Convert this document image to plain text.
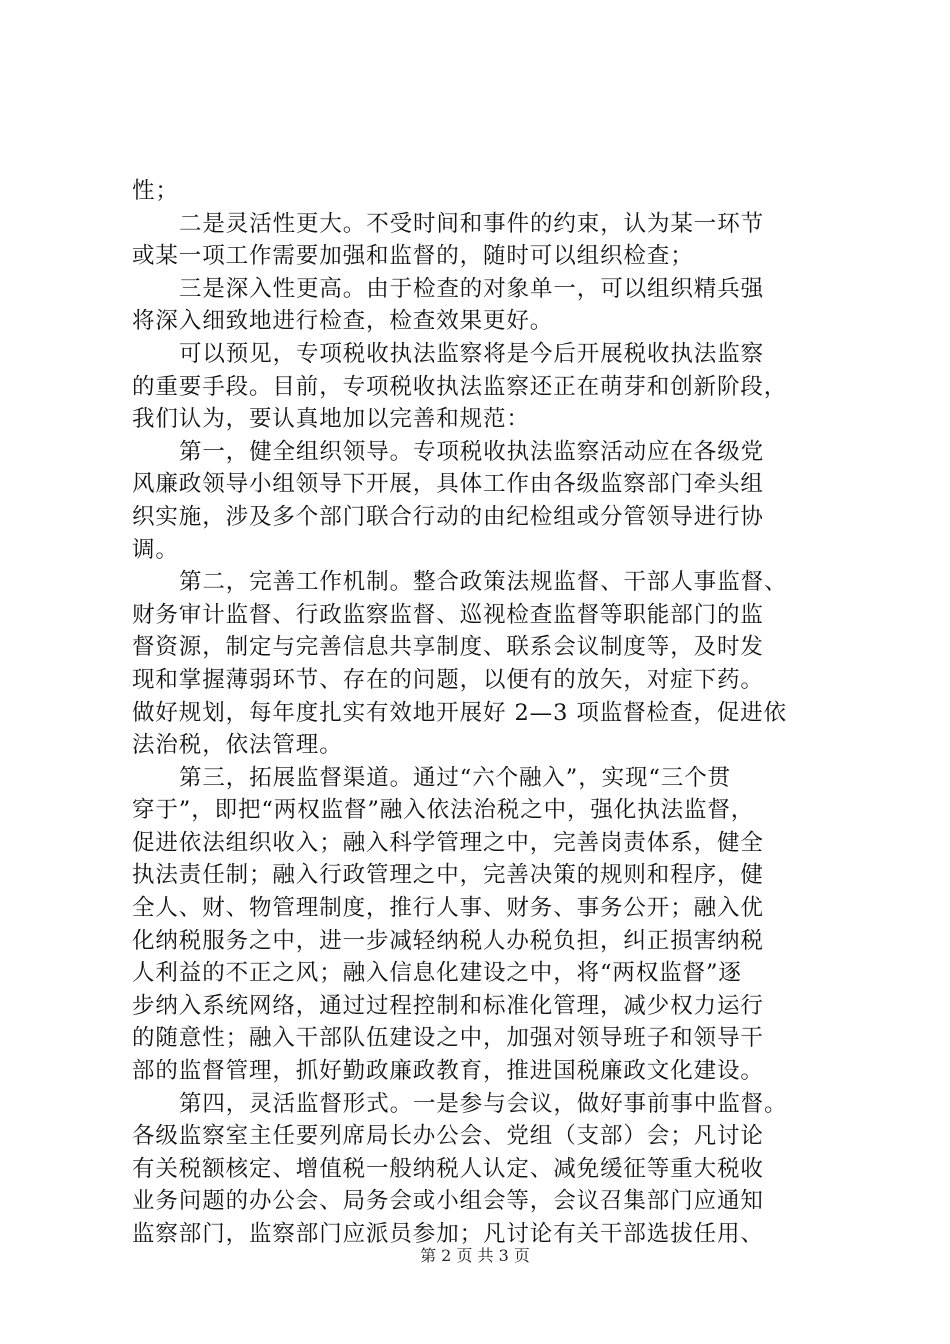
性；
二是灵活性更大。不受时间和事件的约束，认为某一环节
或某一项工作需要加强和监督的，随时可以组织检查；
三是深入性更高。由于检查的对象单一，可以组织精兵强
将深入细致地进行检查，检查效果更好。
可以预见，专项税收执法监察将是今后开展税收执法监察
的重要手段。目前，专项税收执法监察还正在萌芽和创新阶段，
我们认为，要认真地加以完善和规范：
第一，健全组织领导。专项税收执法监察活动应在各级党
风廉政领导小组领导下开展，具体工作由各级监察部门牵头组
织实施，涉及多个部门联合行动的由纪检组或分管领导进行协
调。
第二，完善工作机制。整合政策法规监督、干部人事监督、
财务审计监督、行政监察监督、巡视检查监督等职能部门的监
督资源，制定与完善信息共享制度、联系会议制度等，及时发
现和掌握薄弱环节、存在的问题，以便有的放矢，对症下药。
做好规划，每年度扎实有效地开展好 2—3 项监督检查，促进依
法治税，依法管理。
第三，拓展监督渠道。通过“六个融入”，实现“三个贯
穿于”，即把“两权监督”融入依法治税之中，强化执法监督，
促进依法组织收入；融入科学管理之中，完善岗责体系，健全
执法责任制；融入行政管理之中，完善决策的规则和程序，健
全人、财、物管理制度，推行人事、财务、事务公开；融入优
化纳税服务之中，进一步减轻纳税人办税负担，纠正损害纳税
人利益的不正之风；融入信息化建设之中，将“两权监督”逐
步纳入系统网络，通过过程控制和标准化管理，减少权力运行
的随意性；融入干部队伍建设之中，加强对领导班子和领导干
部的监督管理，抓好勤政廉政教育，推进国税廉政文化建设。
第四，灵活监督形式。一是参与会议，做好事前事中监督。
各级监察室主任要列席局长办公会、党组（支部）会；凡讨论
有关税额核定、增值税一般纳税人认定、减免缓征等重大税收
业务问题的办公会、局务会或小组会等，会议召集部门应通知
监察部门，监察部门应派员参加；凡讨论有关干部选拔任用、
第 2 页 共 3 页
